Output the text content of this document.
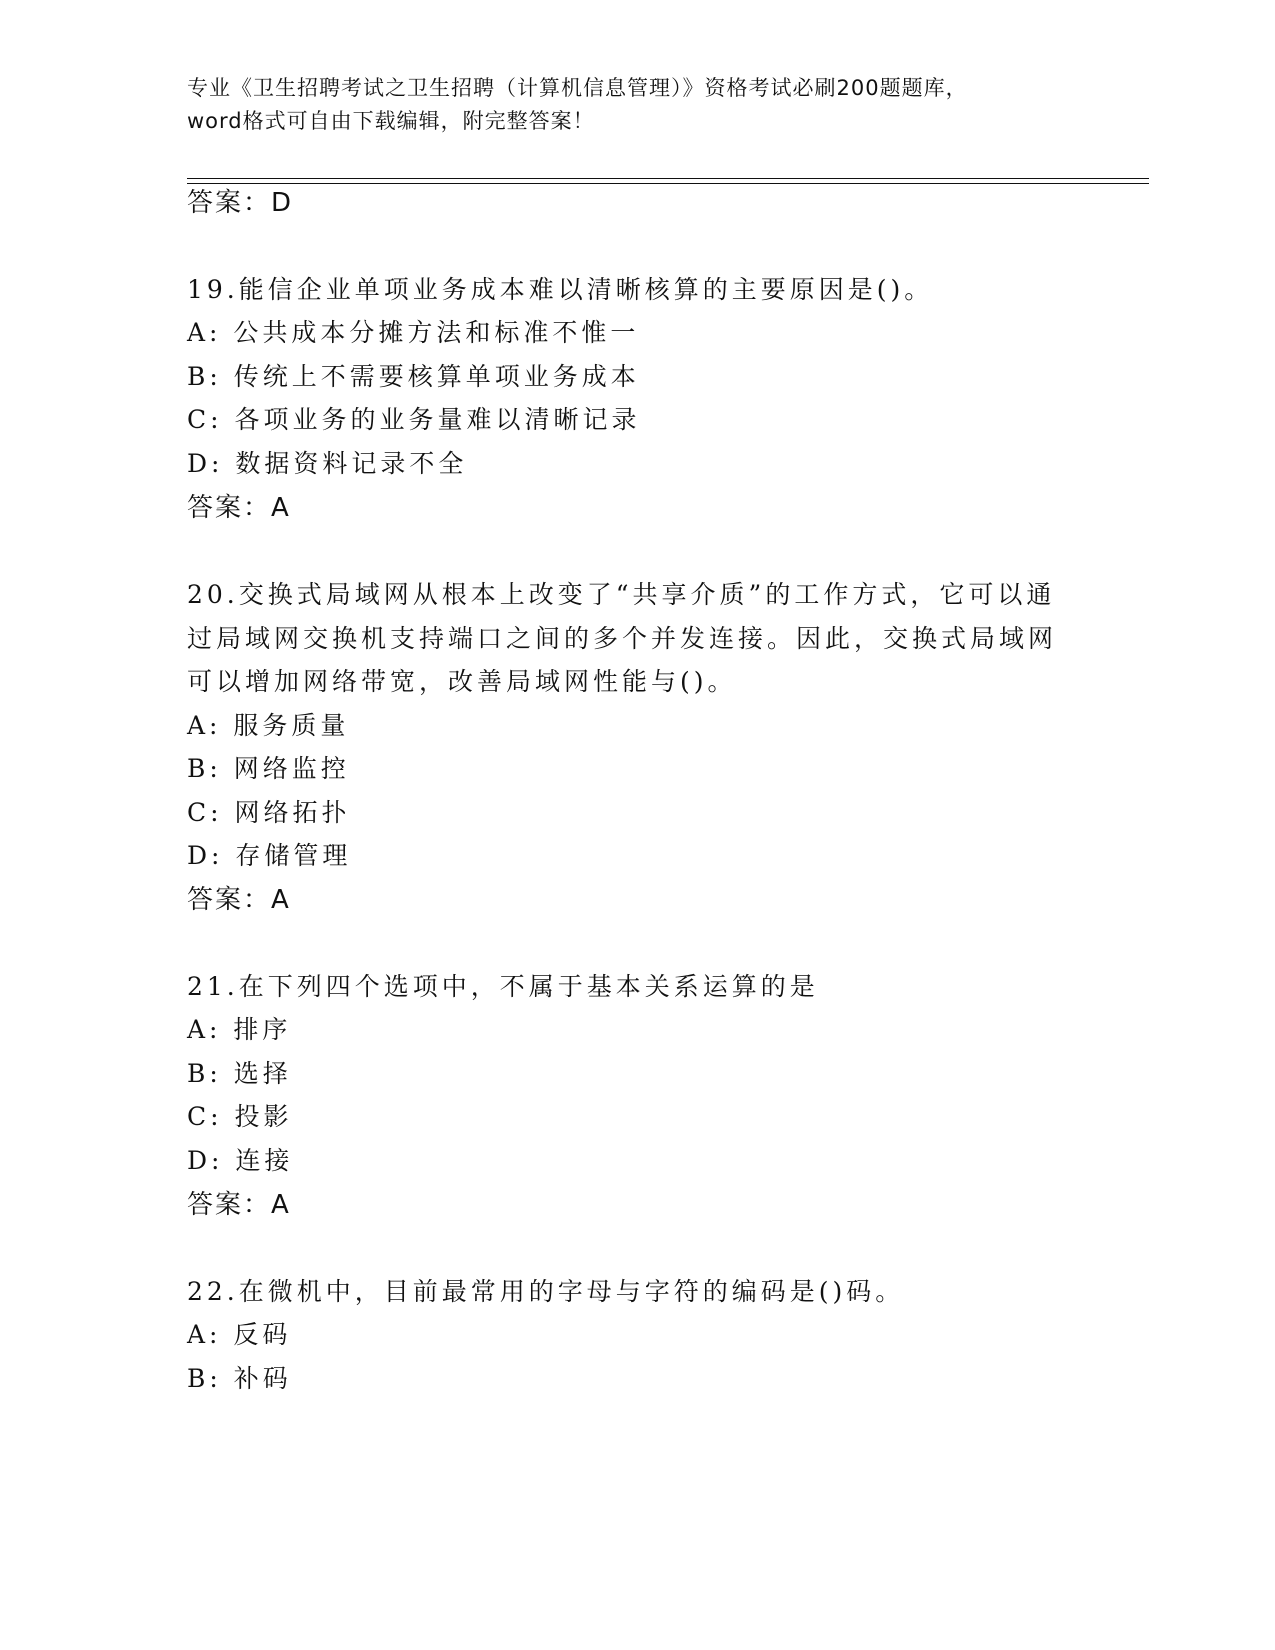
专业《卫生招聘考试之卫生招聘（计算机信息管理）》资格考试必刷200题题库，
word格式可自由下载编辑，附完整答案！
答案：D
19.能信企业单项业务成本难以清晰核算的主要原因是()。
A: 公共成本分摊方法和标准不惟一
B: 传统上不需要核算单项业务成本
C: 各项业务的业务量难以清晰记录
D: 数据资料记录不全
答案：A
20.交换式局域网从根本上改变了“共享介质”的工作方式，它可以通
过局域网交换机支持端口之间的多个并发连接。因此，交换式局域网
可以增加网络带宽，改善局域网性能与()。
A: 服务质量
B: 网络监控
C: 网络拓扑
D: 存储管理
答案：A
21.在下列四个选项中，不属于基本关系运算的是
A: 排序
B: 选择
C: 投影
D: 连接
答案：A
22.在微机中，目前最常用的字母与字符的编码是()码。
A: 反码
B: 补码
